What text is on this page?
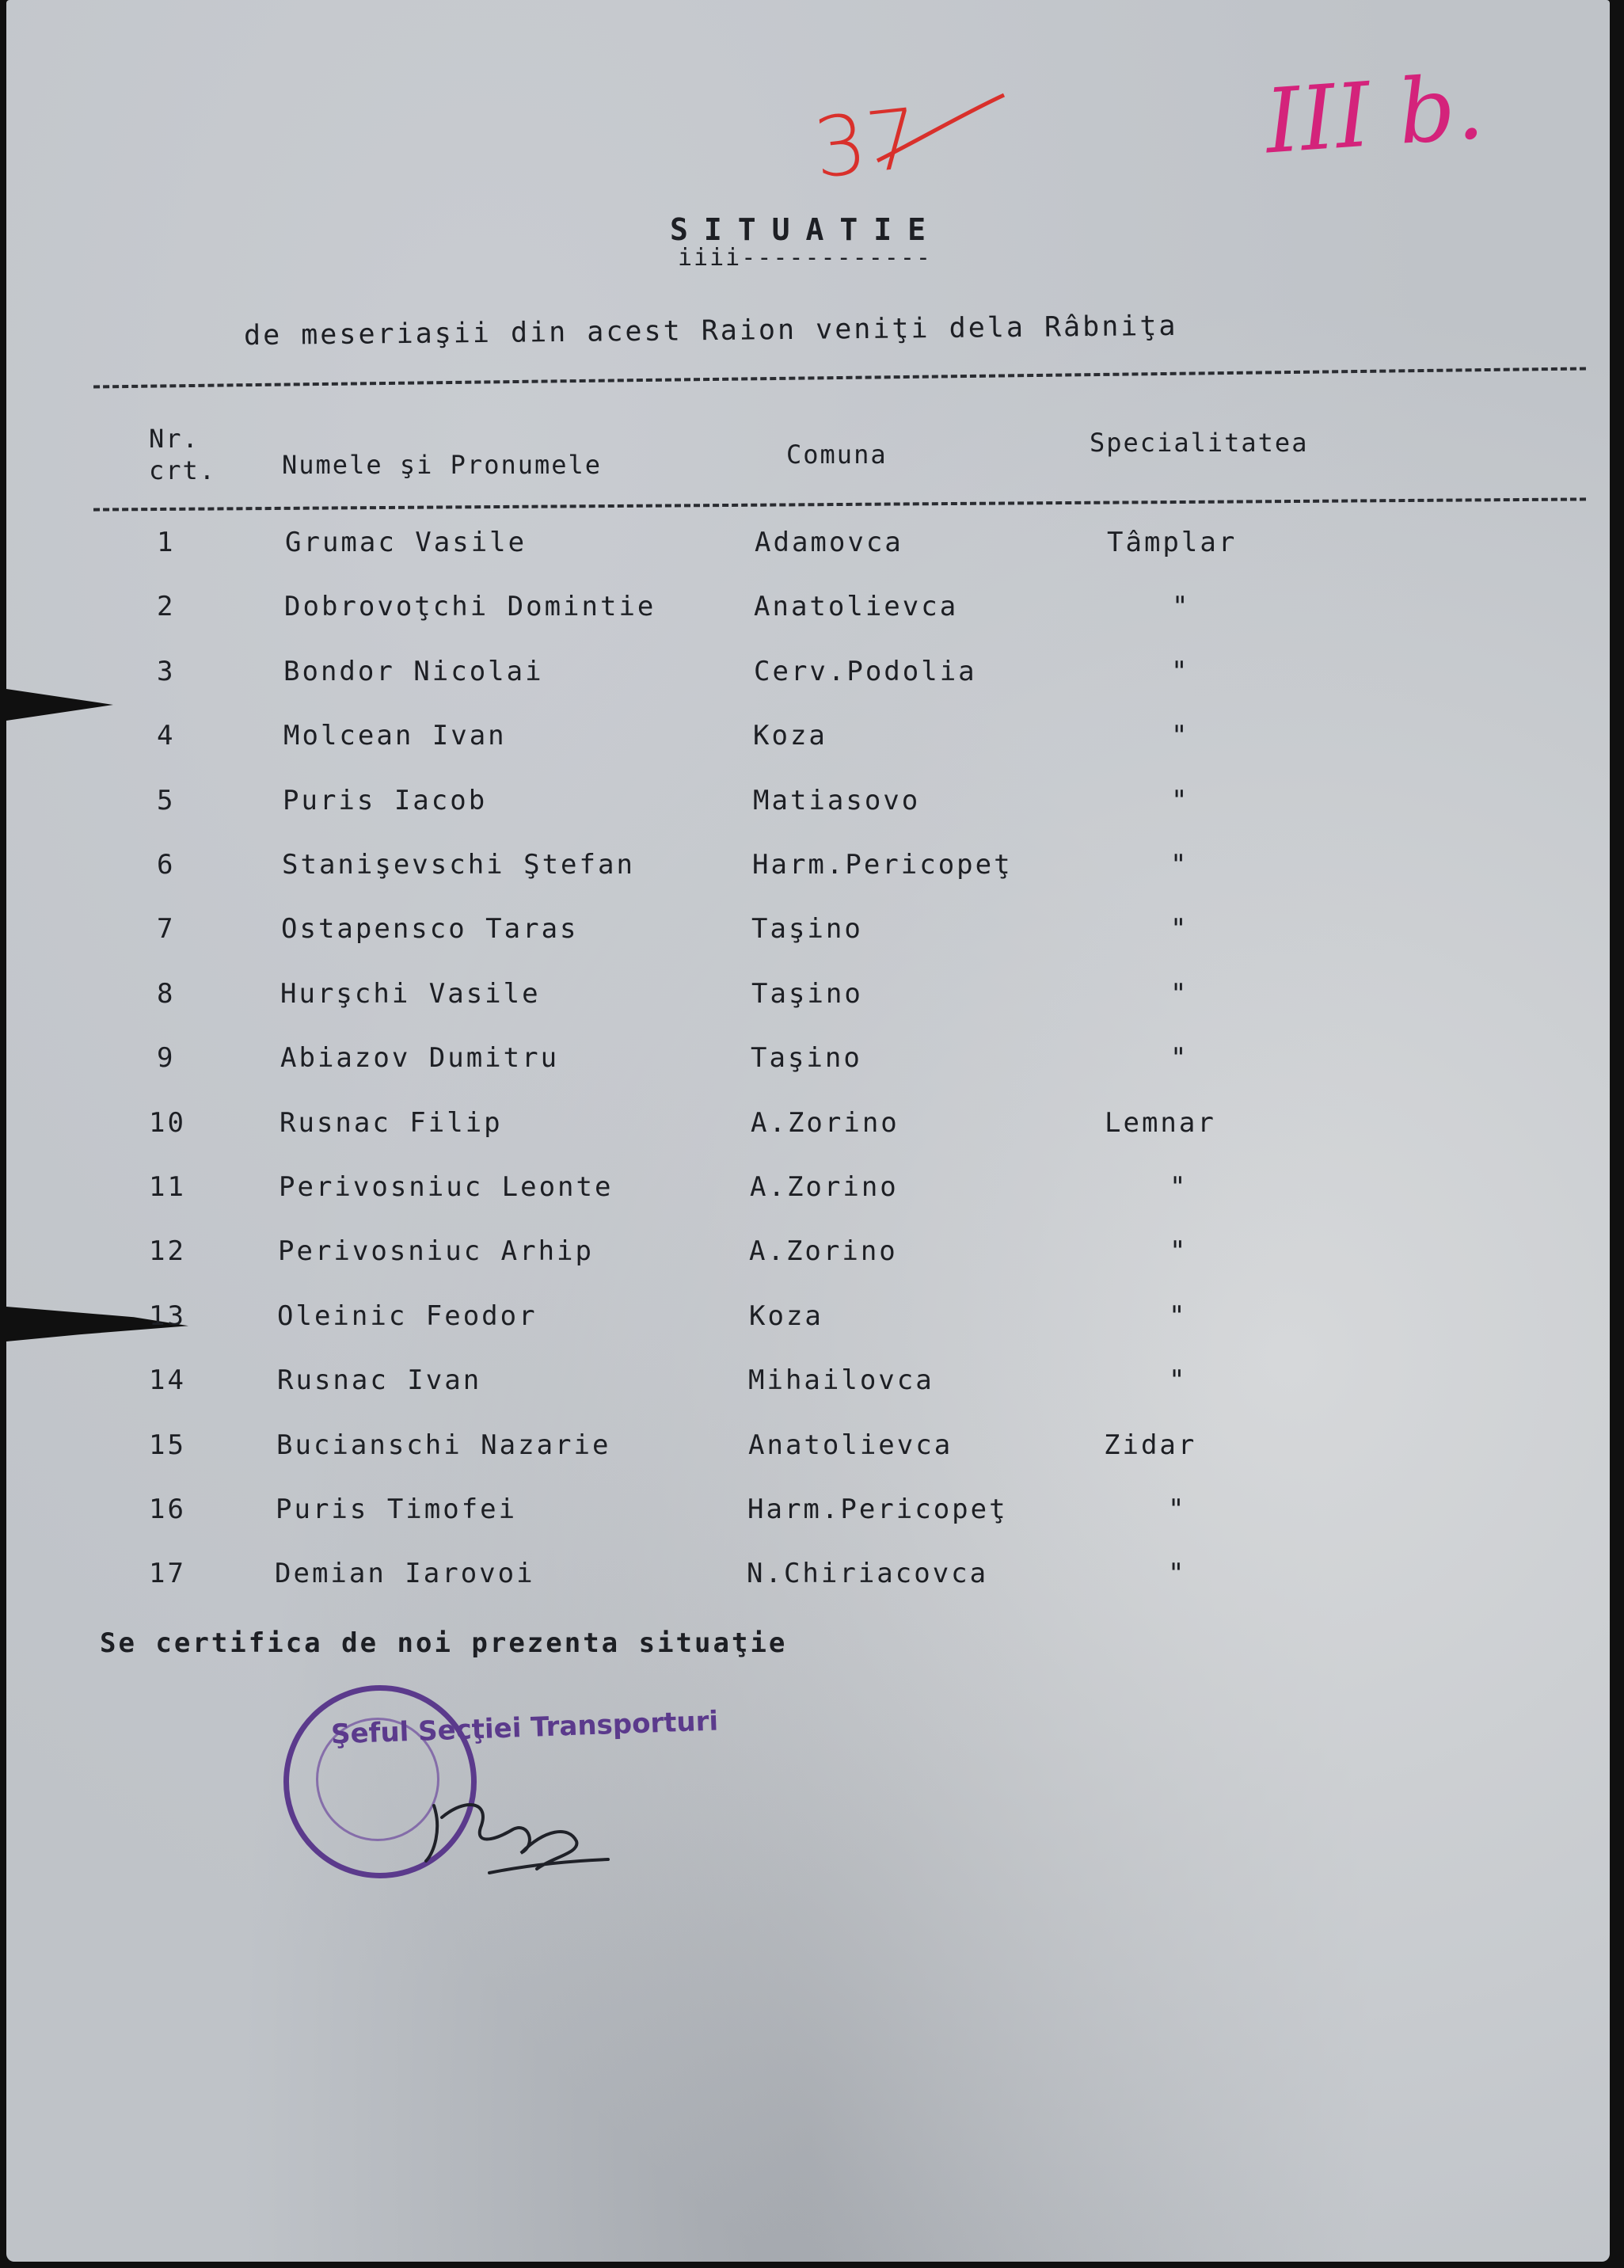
37	III b.
SITUATIE
iiii------------
de meseriaşii din acest Raion veniţi dela Râbniţa
Nr.
crt.	Numele şi Pronumele	Comuna	Specialitatea
1	Grumac Vasile	Adamovca	Tâmplar
2	Dobrovoţchi Domintie	Anatolievca	"
3	Bondor Nicolai	Cerv.Podolia	"
4	Molcean Ivan	Koza	"
5	Puris Iacob	Matiasovo	"
6	Stanişevschi Ştefan	Harm.Pericopeţ	"
7	Ostapensco Taras	Taşino	"
8	Hurşchi Vasile	Taşino	"
9	Abiazov Dumitru	Taşino	"
10	Rusnac Filip	A.Zorino	Lemnar
11	Perivosniuc Leonte	A.Zorino	"
12	Perivosniuc Arhip	A.Zorino	"
13	Oleinic Feodor	Koza	"
14	Rusnac Ivan	Mihailovca	"
15	Bucianschi Nazarie	Anatolievca	Zidar
16	Puris Timofei	Harm.Pericopeţ	"
17	Demian Iarovoi	N.Chiriacovca	"
Se certifica de noi prezenta situaţie
Şeful Secţiei Transporturi
